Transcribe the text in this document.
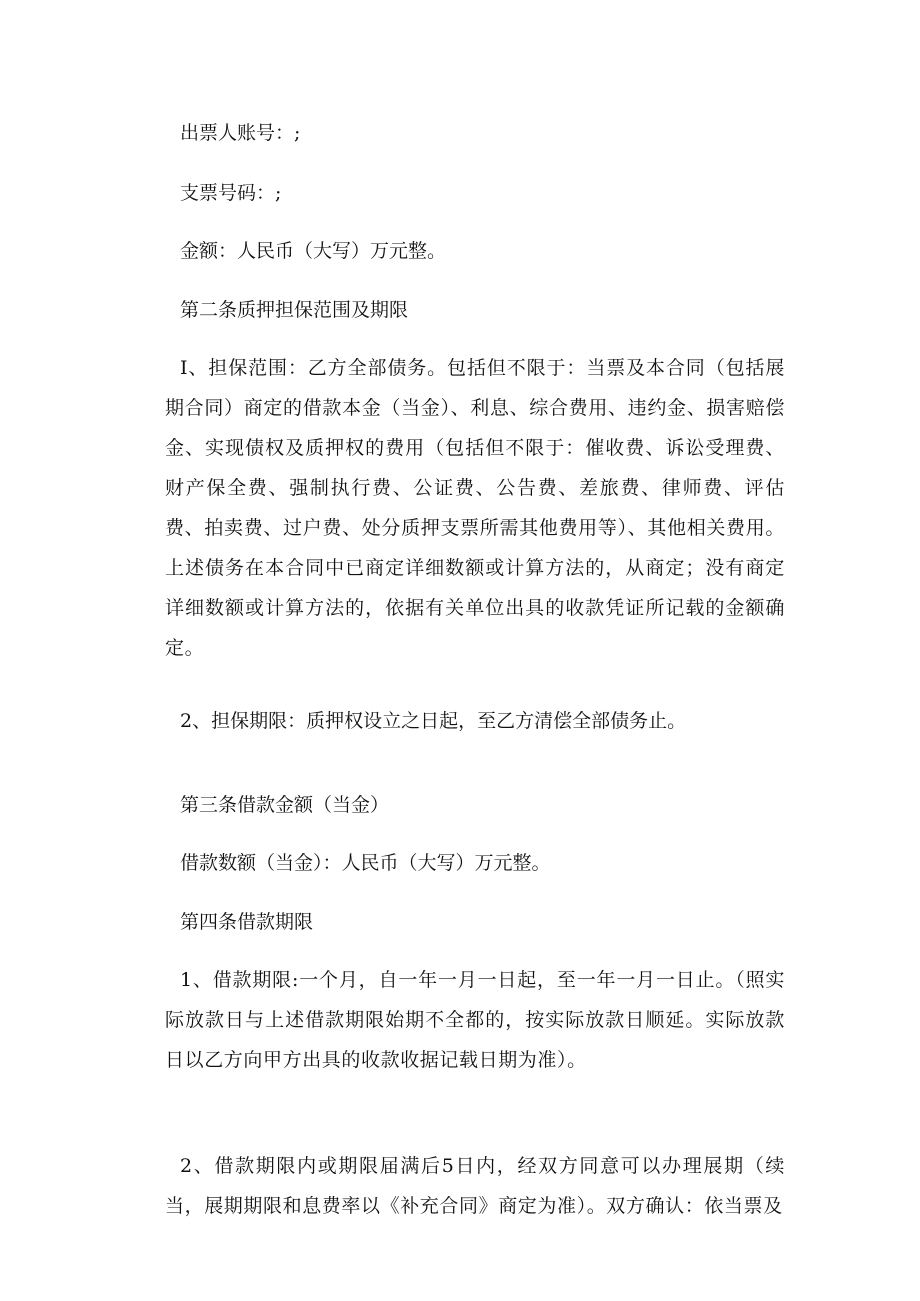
出票人账号：;

支票号码：;

金额：人民币（大写）万元整。

第二条质押担保范围及期限

I、担保范围：乙方全部债务。包括但不限于：当票及本合同（包括展期合同）商定的借款本金（当金）、利息、综合费用、违约金、损害赔偿金、实现债权及质押权的费用（包括但不限于：催收费、诉讼受理费、财产保全费、强制执行费、公证费、公告费、差旅费、律师费、评估费、拍卖费、过户费、处分质押支票所需其他费用等）、其他相关费用。上述债务在本合同中已商定详细数额或计算方法的，从商定；没有商定详细数额或计算方法的，依据有关单位出具的收款凭证所记载的金额确定。

2、担保期限：质押权设立之日起，至乙方清偿全部债务止。

第三条借款金额（当金）

借款数额（当金）：人民币（大写）万元整。

第四条借款期限

1、借款期限:一个月，自一年一月一日起，至一年一月一日止。（照实际放款日与上述借款期限始期不全都的，按实际放款日顺延。实际放款日以乙方向甲方出具的收款收据记载日期为准）。

2、借款期限内或期限届满后5日内，经双方同意可以办理展期（续当，展期期限和息费率以《补充合同》商定为准）。双方确认：依当票及
